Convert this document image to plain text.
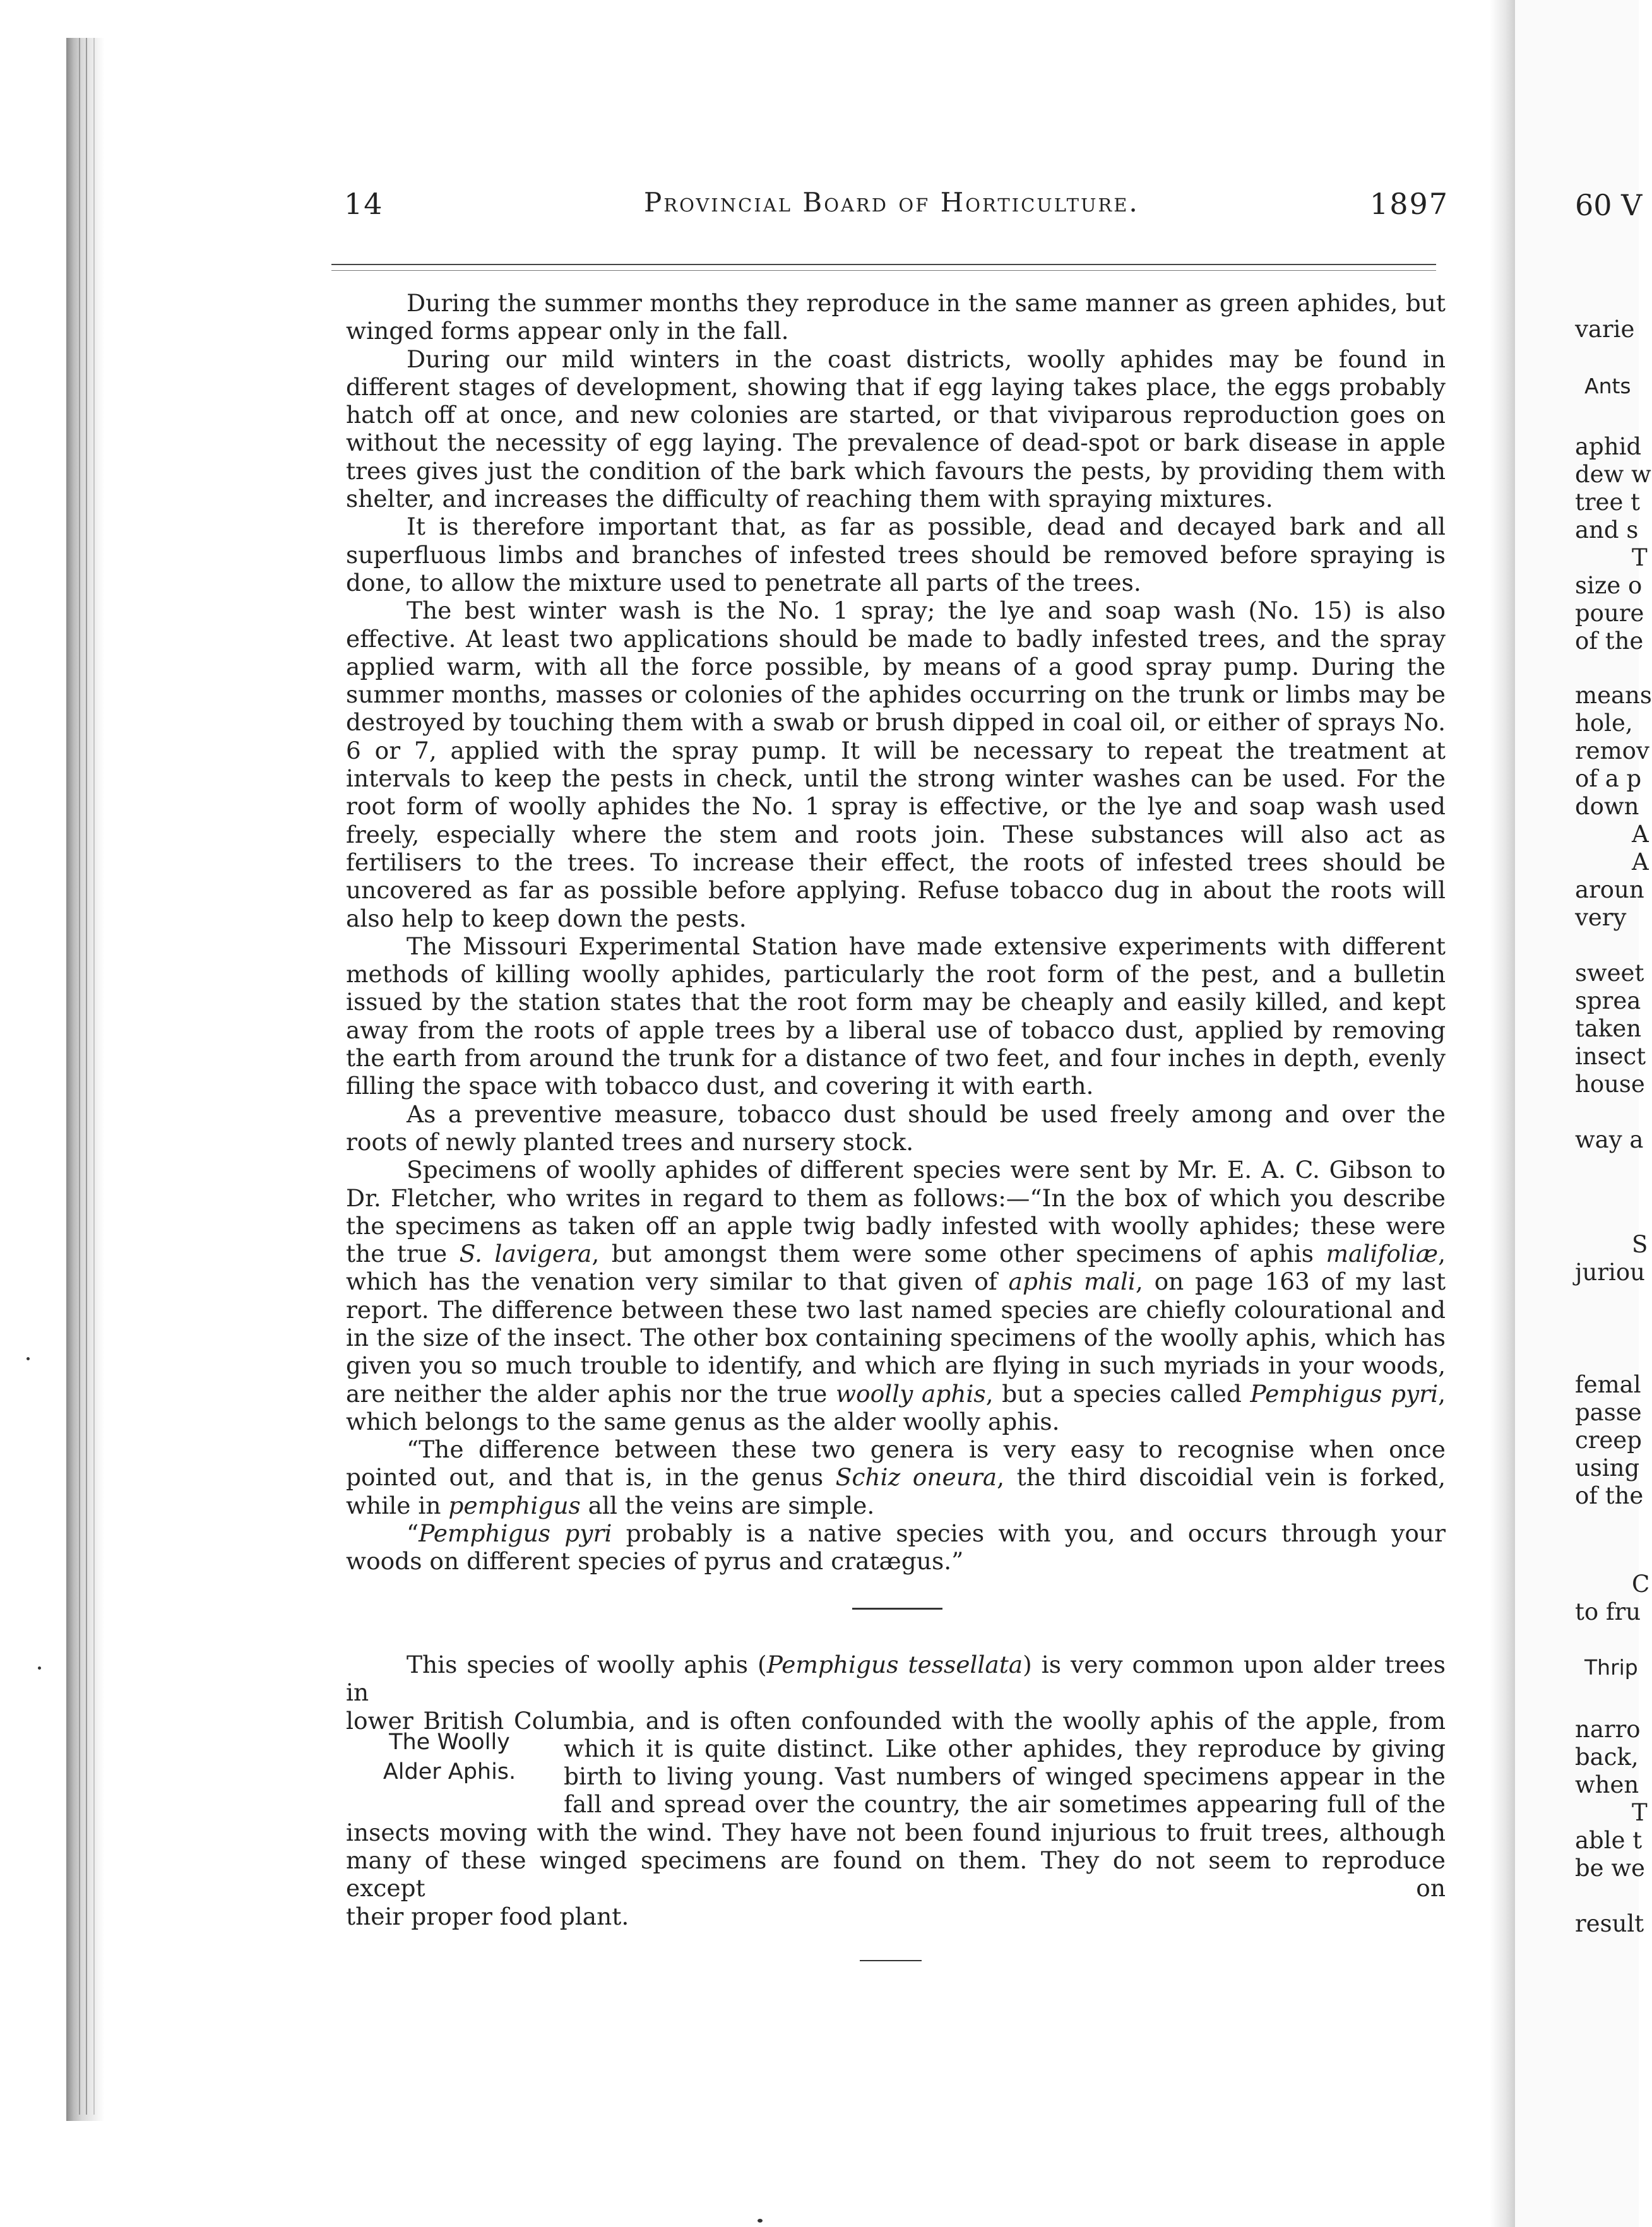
14	Provincial Board of Horticulture.	1897

During the summer months they reproduce in the same manner as green aphides, but winged forms appear only in the fall.

During our mild winters in the coast districts, woolly aphides may be found in different stages of development, showing that if egg laying takes place, the eggs probably hatch off at once, and new colonies are started, or that viviparous reproduction goes on without the necessity of egg laying. The prevalence of dead-spot or bark disease in apple trees gives just the condition of the bark which favours the pests, by providing them with shelter, and increases the difficulty of reaching them with spraying mixtures.

It is therefore important that, as far as possible, dead and decayed bark and all superfluous limbs and branches of infested trees should be removed before spraying is done, to allow the mixture used to penetrate all parts of the trees.

The best winter wash is the No. 1 spray; the lye and soap wash (No. 15) is also effective. At least two applications should be made to badly infested trees, and the spray applied warm, with all the force possible, by means of a good spray pump. During the summer months, masses or colonies of the aphides occurring on the trunk or limbs may be destroyed by touching them with a swab or brush dipped in coal oil, or either of sprays No. 6 or 7, applied with the spray pump. It will be necessary to repeat the treatment at intervals to keep the pests in check, until the strong winter washes can be used. For the root form of woolly aphides the No. 1 spray is effective, or the lye and soap wash used freely, especially where the stem and roots join. These substances will also act as fertilisers to the trees. To increase their effect, the roots of infested trees should be uncovered as far as possible before applying. Refuse tobacco dug in about the roots will also help to keep down the pests.

The Missouri Experimental Station have made extensive experiments with different methods of killing woolly aphides, particularly the root form of the pest, and a bulletin issued by the station states that the root form may be cheaply and easily killed, and kept away from the roots of apple trees by a liberal use of tobacco dust, applied by removing the earth from around the trunk for a distance of two feet, and four inches in depth, evenly filling the space with tobacco dust, and covering it with earth.

As a preventive measure, tobacco dust should be used freely among and over the roots of newly planted trees and nursery stock.

Specimens of woolly aphides of different species were sent by Mr. E. A. C. Gibson to Dr. Fletcher, who writes in regard to them as follows:—“In the box of which you describe the specimens as taken off an apple twig badly infested with woolly aphides; these were the true S. lavigera, but amongst them were some other specimens of aphis malifoliæ, which has the venation very similar to that given of aphis mali, on page 163 of my last report. The difference between these two last named species are chiefly colourational and in the size of the insect. The other box containing specimens of the woolly aphis, which has given you so much trouble to identify, and which are flying in such myriads in your woods, are neither the alder aphis nor the true woolly aphis, but a species called Pemphigus pyri, which belongs to the same genus as the alder woolly aphis.

“The difference between these two genera is very easy to recognise when once pointed out, and that is, in the genus Schiz oneura, the third discoidial vein is forked, while in pemphigus all the veins are simple.

“Pemphigus pyri probably is a native species with you, and occurs through your woods on different species of pyrus and cratægus.”

The Woolly
Alder Aphis.
This species of woolly aphis (Pemphigus tessellata) is very common upon alder trees in
lower British Columbia, and is often confounded with the woolly aphis of the apple, from
which it is quite distinct. Like other aphides, they reproduce by giving
birth to living young. Vast numbers of winged specimens appear in the
fall and spread over the country, the air sometimes appearing full of the
insects moving with the wind. They have not been found injurious to fruit trees, although
many of these winged specimens are found on them. They do not seem to reproduce except on
their proper food plant.
60 V
varie
Ants
aphid
dew w
tree t
and s
T
size o
poure
of the
means
hole,
remov
of a p
down
A
A
aroun
very
sweet
sprea
taken
insect
house
way a
S
juriou
femal
passe
creep
using
of the
C
to fru
Thrip
narro
back,
when
T
able t
be we
result
